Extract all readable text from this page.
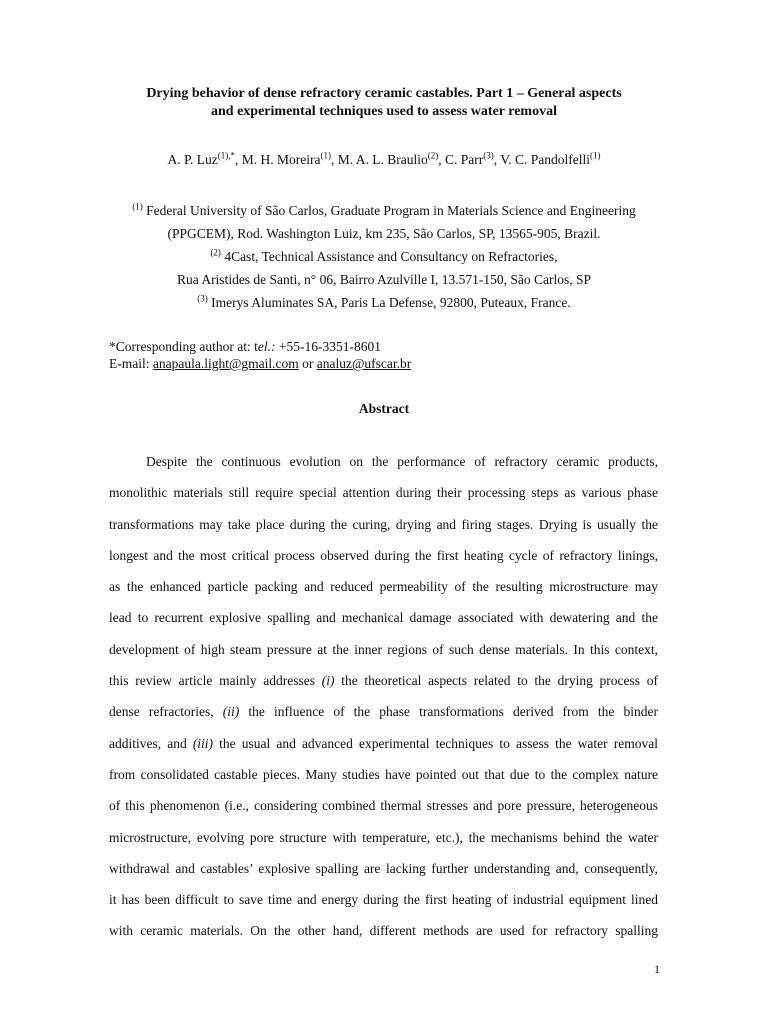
Drying behavior of dense refractory ceramic castables. Part 1 – General aspects
and experimental techniques used to assess water removal
A. P. Luz$^{(1),*}$, M. H. Moreira$^{(1)}$, M. A. L. Braulio$^{(2)}$, C. Parr$^{(3)}$, V. C. Pandolfelli$^{(1)}$
$^{(1)}$ Federal University of São Carlos, Graduate Program in Materials Science and Engineering
(PPGCEM), Rod. Washington Luiz, km 235, São Carlos, SP, 13565-905, Brazil.
$^{(2)}$ 4Cast, Technical Assistance and Consultancy on Refractories,
Rua Aristides de Santi, n° 06, Bairro Azulville I, 13.571-150, São Carlos, SP
$^{(3)}$ Imerys Aluminates SA, Paris La Defense, 92800, Puteaux, France.
*Corresponding author at: tel.: +55-16-3351-8601
E-mail: anapaula.light@gmail.com or analuz@ufscar.br
Abstract
Despite the continuous evolution on the performance of refractory ceramic products,
monolithic materials still require special attention during their processing steps as various phase
transformations may take place during the curing, drying and firing stages. Drying is usually the
longest and the most critical process observed during the first heating cycle of refractory linings,
as the enhanced particle packing and reduced permeability of the resulting microstructure may
lead to recurrent explosive spalling and mechanical damage associated with dewatering and the
development of high steam pressure at the inner regions of such dense materials. In this context,
this review article mainly addresses (i) the theoretical aspects related to the drying process of
dense refractories, (ii) the influence of the phase transformations derived from the binder
additives, and (iii) the usual and advanced experimental techniques to assess the water removal
from consolidated castable pieces. Many studies have pointed out that due to the complex nature
of this phenomenon (i.e., considering combined thermal stresses and pore pressure, heterogeneous
microstructure, evolving pore structure with temperature, etc.), the mechanisms behind the water
withdrawal and castables’ explosive spalling are lacking further understanding and, consequently,
it has been difficult to save time and energy during the first heating of industrial equipment lined
with ceramic materials. On the other hand, different methods are used for refractory spalling
1
